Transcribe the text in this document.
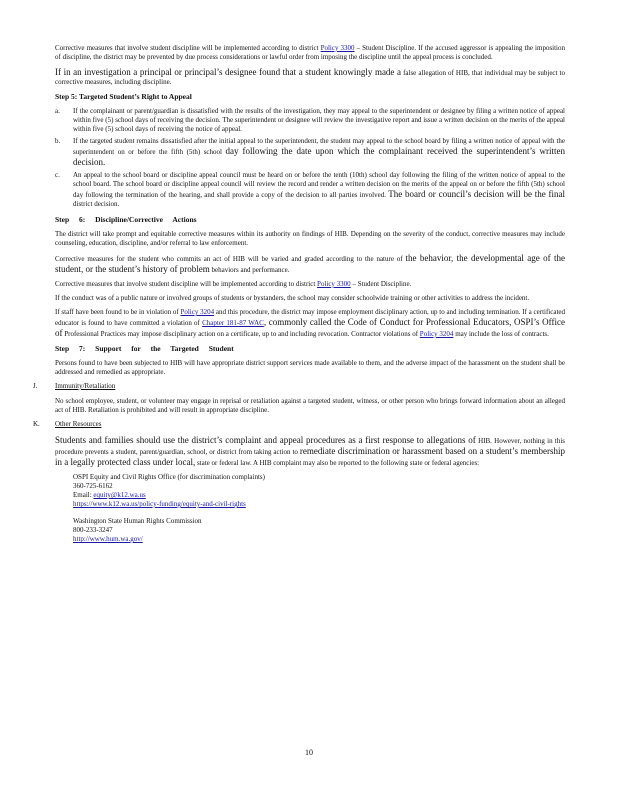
Corrective measures that involve student discipline will be implemented according to district Policy 3300 – Student Discipline. If the accused aggressor is appealing the imposition of discipline, the district may be prevented by due process considerations or lawful order from imposing the discipline until the appeal process is concluded.

If in an investigation a principal or principal’s designee found that a student knowingly made a false allegation of HIB, that individual may be subject to corrective measures, including discipline.

Step 5: Targeted Student’s Right to Appeal
a. If the complainant or parent/guardian is dissatisfied with the results of the investigation, they may appeal to the superintendent or designee by filing a written notice of appeal within five (5) school days of receiving the decision. The superintendent or designee will review the investigative report and issue a written decision on the merits of the appeal within five (5) school days of receiving the notice of appeal.
b. If the targeted student remains dissatisfied after the initial appeal to the superintendent, the student may appeal to the school board by filing a written notice of appeal with the superintendent on or before the fifth (5th) school day following the date upon which the complainant received the superintendent’s written decision.
c. An appeal to the school board or discipline appeal council must be heard on or before the tenth (10th) school day following the filing of the written notice of appeal to the school board. The school board or discipline appeal council will review the record and render a written decision on the merits of the appeal on or before the fifth (5th) school day following the termination of the hearing, and shall provide a copy of the decision to all parties involved. The board or council’s decision will be the final district decision.
Step 6: Discipline/Corrective Actions

The district will take prompt and equitable corrective measures within its authority on findings of HIB. Depending on the severity of the conduct, corrective measures may include counseling, education, discipline, and/or referral to law enforcement.

Corrective measures for the student who commits an act of HIB will be varied and graded according to the nature of the behavior, the developmental age of the student, or the student’s history of problem behaviors and performance.

Corrective measures that involve student discipline will be implemented according to district Policy 3300 – Student Discipline.

If the conduct was of a public nature or involved groups of students or bystanders, the school may consider schoolwide training or other activities to address the incident.

If staff have been found to be in violation of Policy 3204 and this procedure, the district may impose employment disciplinary action, up to and including termination. If a certificated educator is found to have committed a violation of Chapter 181-87 WAC, commonly called the Code of Conduct for Professional Educators, OSPI’s Office of Professional Practices may impose disciplinary action on a certificate, up to and including revocation. Contractor violations of Policy 3204 may include the loss of contracts.

Step 7: Support for the Targeted Student

Persons found to have been subjected to HIB will have appropriate district support services made available to them, and the adverse impact of the harassment on the student shall be addressed and remedied as appropriate.

J.	Immunity/Retaliation

No school employee, student, or volunteer may engage in reprisal or retaliation against a targeted student, witness, or other person who brings forward information about an alleged act of HIB. Retaliation is prohibited and will result in appropriate discipline.

K. Other Resources

Students and families should use the district’s complaint and appeal procedures as a first response to allegations of HIB. However, nothing in this procedure prevents a student, parent/guardian, school, or district from taking action to remediate discrimination or harassment based on a student’s membership in a legally protected class under local, state or federal law. A HIB complaint may also be reported to the following state or federal agencies:

OSPI Equity and Civil Rights Office (for discrimination complaints)
360-725-6162
Email: equity@k12.wa.us
https://www.k12.wa.us/policy-funding/equity-and-civil-rights
Washington State Human Rights Commission
800-233-3247
http://www.hum.wa.gov/
10
